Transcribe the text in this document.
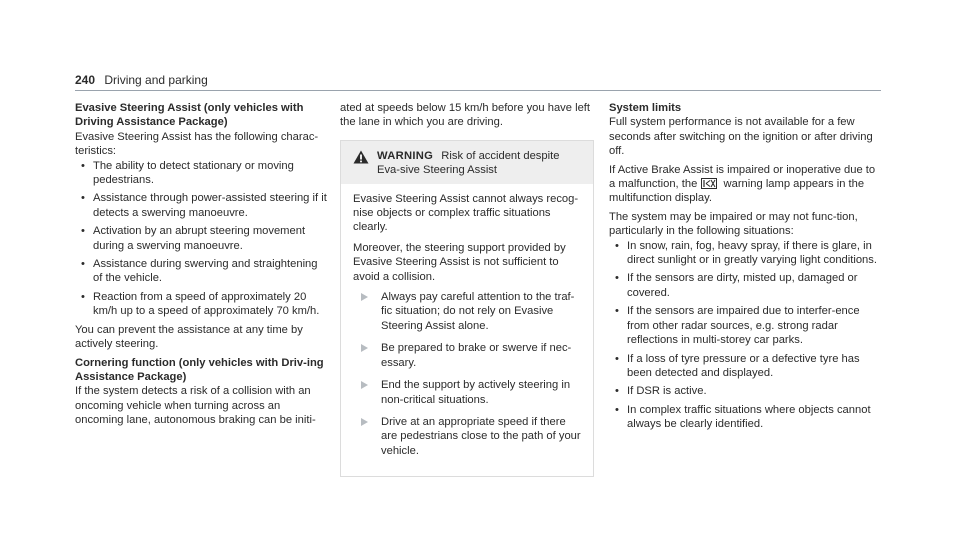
240 Driving and parking
Evasive Steering Assist (only vehicles with Driving Assistance Package)

Evasive Steering Assist has the following charac-teristics:

• The ability to detect stationary or moving pedestrians.
• Assistance through power-assisted steering if it detects a swerving manoeuvre.
• Activation by an abrupt steering movement during a swerving manoeuvre.
• Assistance during swerving and straightening of the vehicle.
• Reaction from a speed of approximately 20 km/h up to a speed of approximately 70 km/h.

You can prevent the assistance at any time by actively steering.

Cornering function (only vehicles with Driv-ing Assistance Package)

If the system detects a risk of a collision with an oncoming vehicle when turning across an oncoming lane, autonomous braking can be initi-

ated at speeds below 15 km/h before you have left the lane in which you are driving.

WARNING Risk of accident despite Eva-sive Steering Assist

Evasive Steering Assist cannot always recog-nise objects or complex traffic situations clearly.

Moreover, the steering support provided by Evasive Steering Assist is not sufficient to avoid a collision.

Always pay careful attention to the traf-fic situation; do not rely on Evasive Steering Assist alone.
Be prepared to brake or swerve if nec-essary.
End the support by actively steering in non-critical situations.
Drive at an appropriate speed if there are pedestrians close to the path of your vehicle.
System limits

Full system performance is not available for a few seconds after switching on the ignition or after driving off.

If Active Brake Assist is impaired or inoperative due to a malfunction, the warning lamp appears in the multifunction display.

The system may be impaired or may not func-tion, particularly in the following situations:

• In snow, rain, fog, heavy spray, if there is glare, in direct sunlight or in greatly varying light conditions.
• If the sensors are dirty, misted up, damaged or covered.
• If the sensors are impaired due to interfer-ence from other radar sources, e.g. strong radar reflections in multi-storey car parks.
• If a loss of tyre pressure or a defective tyre has been detected and displayed.
• If DSR is active.
• In complex traffic situations where objects cannot always be clearly identified.
